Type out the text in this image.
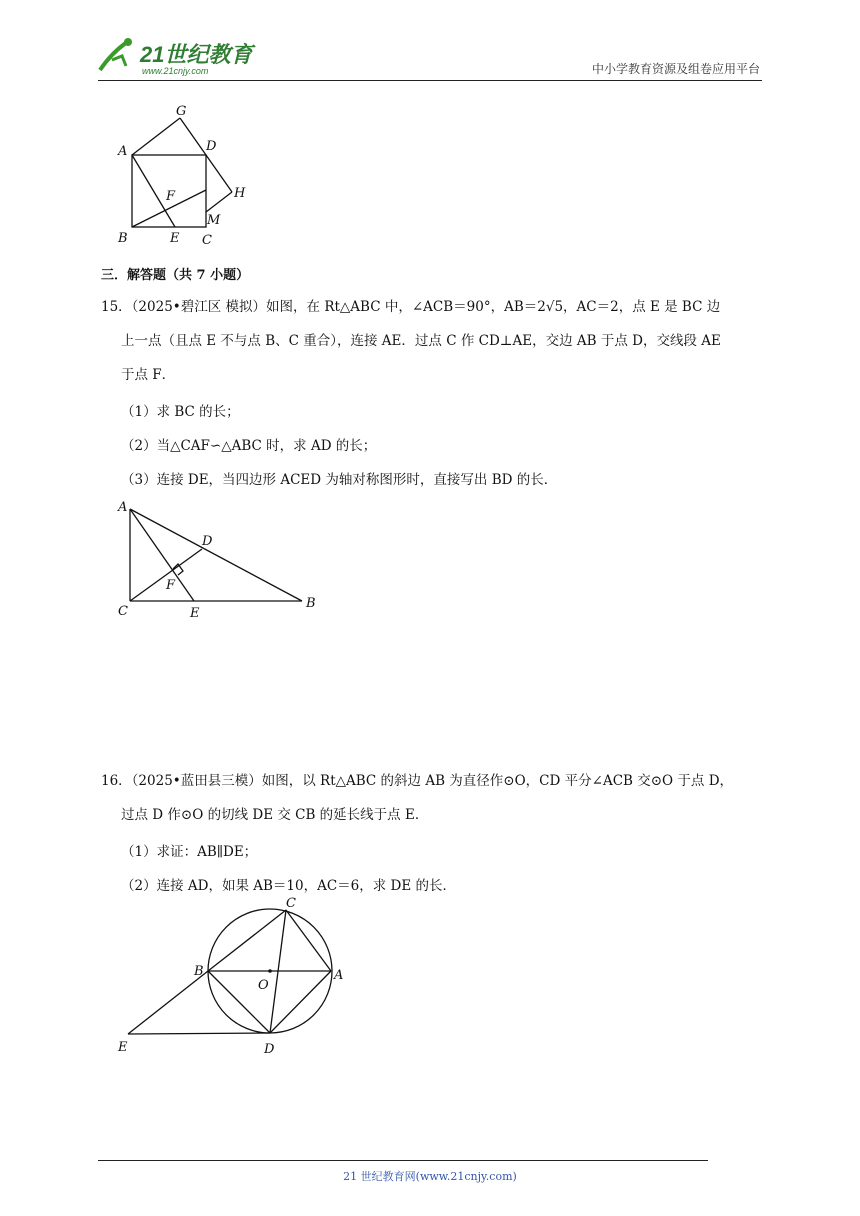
21世纪教育
www.21cnjy.com	中小学教育资源及组卷应用平台
G
A	D
H
F
M
B	E C
三．解答题（共 7 小题）
15．（2025•碧江区 模拟）如图，在 Rt△ABC 中，∠ACB＝90°，AB＝2√5，AC＝2，点 E 是 BC 边
上一点（且点 E 不与点 B、C 重合），连接 AE．过点 C 作 CD⊥AE，交边 AB 于点 D，交线段 AE
于点 F．
（1）求 BC 的长；
（2）当△CAF∽△ABC 时，求 AD 的长；
（3）连接 DE，当四边形 ACED 为轴对称图形时，直接写出 BD 的长．
A
D
F
C	E
B
16．（2025•蓝田县三模）如图，以 Rt△ABC 的斜边 AB 为直径作⊙O，CD 平分∠ACB 交⊙O 于点 D，
过点 D 作⊙O 的切线 DE 交 CB 的延长线于点 E．
（1）求证：AB∥DE；
（2）连接 AD，如果 AB＝10，AC＝6，求 DE 的长．
C
B	A
O
E	D
21 世纪教育网(www.21cnjy.com)
